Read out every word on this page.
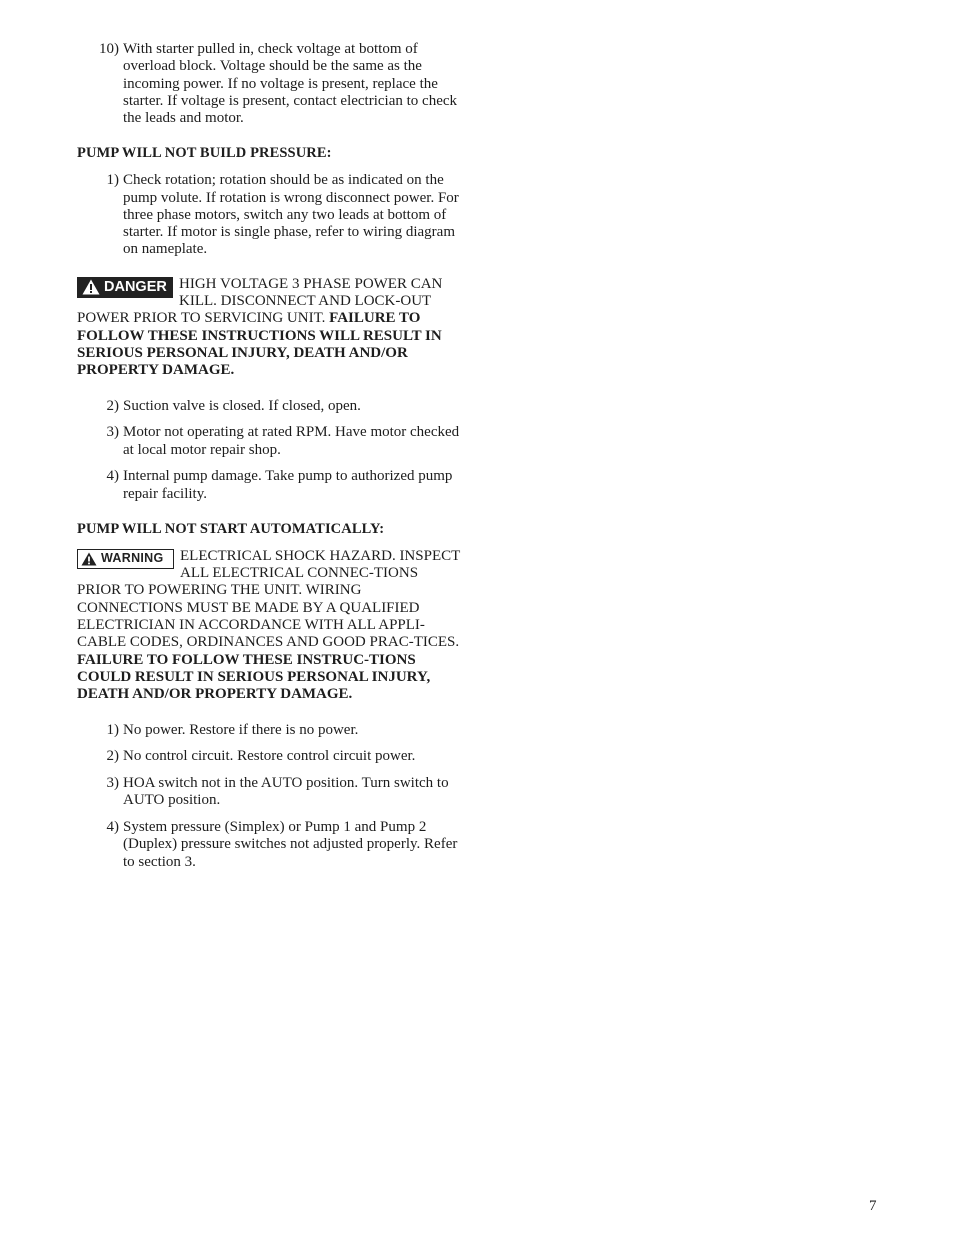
10) With starter pulled in, check voltage at bottom of overload block. Voltage should be the same as the incoming power. If no voltage is present, replace the starter. If voltage is present, contact electrician to check the leads and motor.

PUMP WILL NOT BUILD PRESSURE:

1) Check rotation; rotation should be as indicated on the pump volute. If rotation is wrong disconnect power. For three phase motors, switch any two leads at bottom of starter. If motor is single phase, refer to wiring diagram on nameplate.

DANGER HIGH VOLTAGE 3 PHASE POWER CAN KILL. DISCONNECT AND LOCK-OUT POWER PRIOR TO SERVICING UNIT. FAILURE TO FOLLOW THESE INSTRUCTIONS WILL RESULT IN SERIOUS PERSONAL INJURY, DEATH AND/OR PROPERTY DAMAGE.

2) Suction valve is closed. If closed, open.

3) Motor not operating at rated RPM. Have motor checked at local motor repair shop.

4) Internal pump damage. Take pump to authorized pump repair facility.

PUMP WILL NOT START AUTOMATICALLY:

WARNING ELECTRICAL SHOCK HAZARD. INSPECT ALL ELECTRICAL CONNEC-TIONS PRIOR TO POWERING THE UNIT. WIRING CONNECTIONS MUST BE MADE BY A QUALIFIED ELECTRICIAN IN ACCORDANCE WITH ALL APPLI-CABLE CODES, ORDINANCES AND GOOD PRAC-TICES. FAILURE TO FOLLOW THESE INSTRUC-TIONS COULD RESULT IN SERIOUS PERSONAL INJURY, DEATH AND/OR PROPERTY DAMAGE.

1) No power. Restore if there is no power.

2) No control circuit. Restore control circuit power.

3) HOA switch not in the AUTO position. Turn switch to AUTO position.

4) System pressure (Simplex) or Pump 1 and Pump 2 (Duplex) pressure switches not adjusted properly. Refer to section 3.

7
